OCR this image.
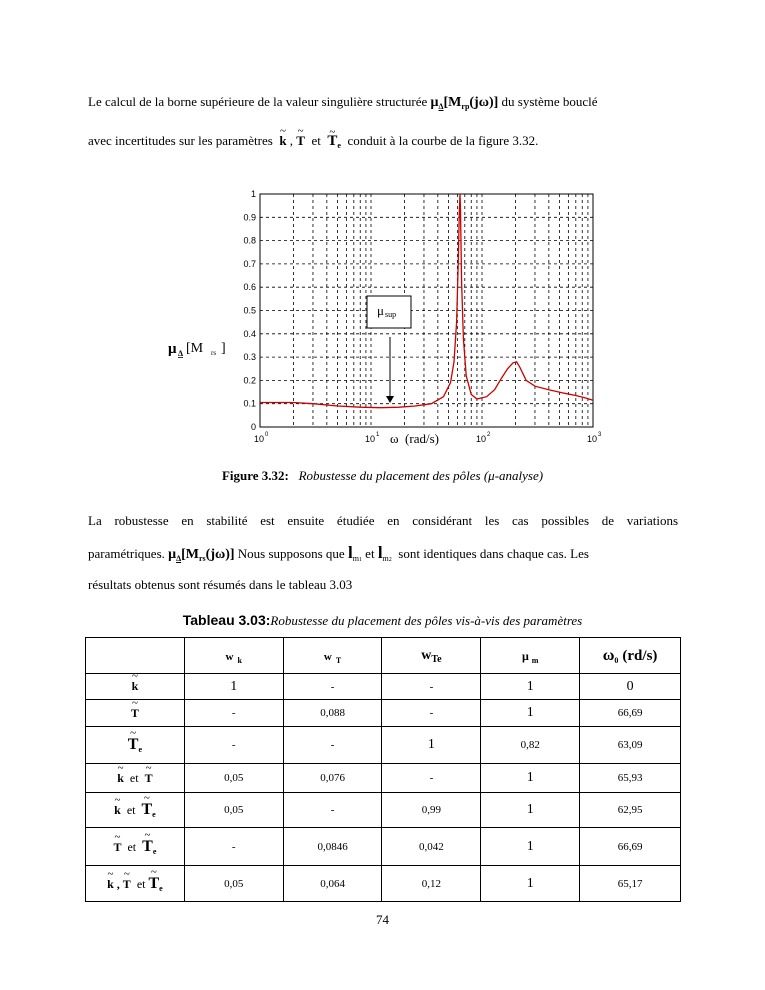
Le calcul de la borne supérieure de la valeur singulière structurée $\mu_\Delta[M_{rp}(j\omega)]$ du système bouclé
avec incertitudes sur les paramètres ~ k , ~ T et ~ $T_e$ conduit à la courbe de la figure 3.32.
0
0.1
0.2
0.3
0.4
0.5
0.6
0.7
0.8
0.9
1
10 0	10 1	10 2	10 3
μ sup
μ Δ [M rs ]
ω  (rad/s)
Figure 3.32: Robustesse du placement des pôles (μ-analyse)
La robustesse en stabilité est ensuite étudiée en considérant les cas possibles de variations
paramétriques. $\mu_\Delta[M_{rs}(j\omega)]$ Nous supposons que $l_{m1}$ et $l_{m2}$ sont identiques dans chaque cas. Les
résultats obtenus sont résumés dans le tableau 3.03
Tableau 3.03:Robustesse du placement des pôles vis-à-vis des paramètres
	w $_k$	w $_T$	$w_{Te}$	μ $_m$	$\omega_0$ (rd/s)
~ k	1	-	-	1	0
~ T	-	0,088	-	1	66,69
~ $T_e$	-	-	1	0,82	63,09
~ k et ~ T	0,05	0,076	-	1	65,93
~ k et ~ $T_e$	0,05	-	0,99	1	62,95
~ T et ~ $T_e$	-	0,0846	0,042	1	66,69
~ k , ~ T et ~ $T_e$	0,05	0,064	0,12	1	65,17
74
